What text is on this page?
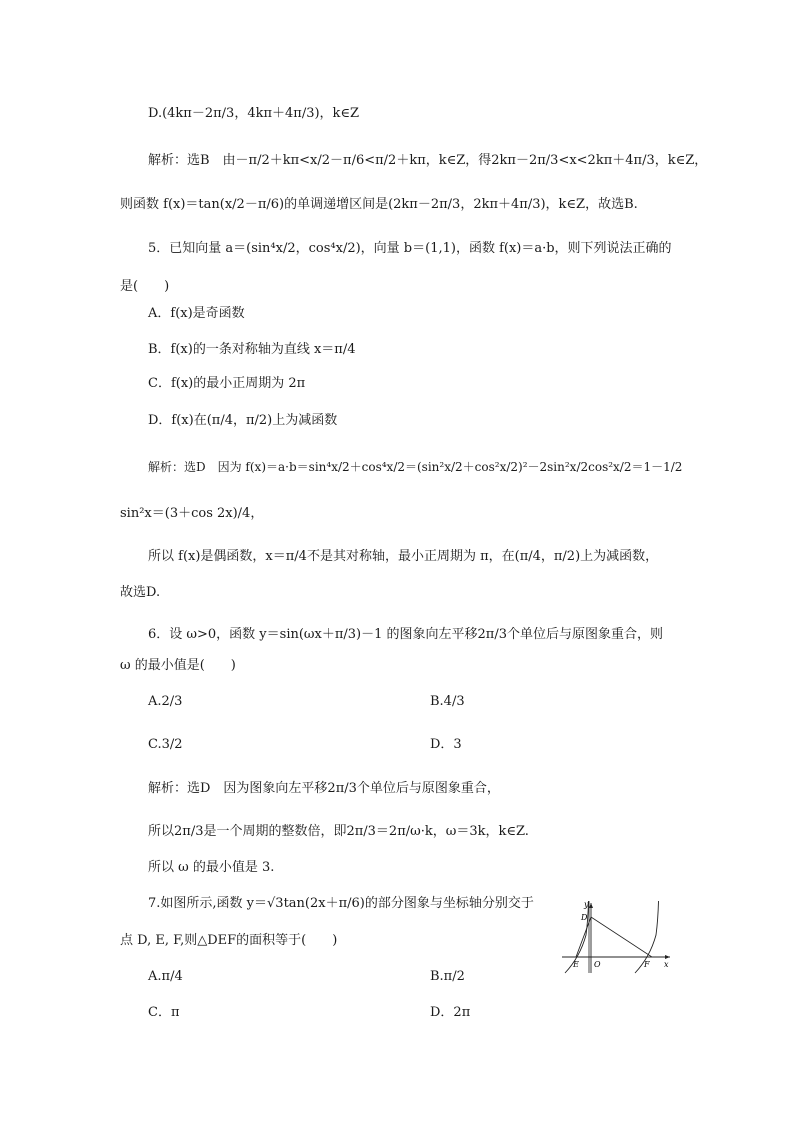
D.(4kπ－2π/3，4kπ＋4π/3)，k∈Z
解析：选B　由－π/2＋kπ<x/2－π/6<π/2＋kπ，k∈Z，得2kπ－2π/3<x<2kπ＋4π/3，k∈Z，
则函数 f(x)＝tan(x/2－π/6)的单调递增区间是(2kπ－2π/3，2kπ＋4π/3)，k∈Z，故选B.
5．已知向量 a＝(sin⁴x/2，cos⁴x/2)，向量 b＝(1,1)，函数 f(x)＝a·b，则下列说法正确的
是(　　)
A．f(x)是奇函数
B．f(x)的一条对称轴为直线 x＝π/4
C．f(x)的最小正周期为 2π
D．f(x)在(π/4，π/2)上为减函数
解析：选D　因为 f(x)＝a·b＝sin⁴x/2＋cos⁴x/2＝(sin²x/2＋cos²x/2)²－2sin²x/2cos²x/2＝1－1/2
sin²x＝(3＋cos 2x)/4，
所以 f(x)是偶函数，x＝π/4不是其对称轴，最小正周期为 π，在(π/4，π/2)上为减函数，
故选D.
6．设 ω>0，函数 y＝sin(ωx＋π/3)－1 的图象向左平移2π/3个单位后与原图象重合，则
ω 的最小值是(　　)
A.2/3	B.4/3
C.3/2	D．3
解析：选D　因为图象向左平移2π/3个单位后与原图象重合，
所以2π/3是一个周期的整数倍，即2π/3＝2π/ω·k，ω＝3k，k∈Z.
所以 ω 的最小值是 3.
7.如图所示,函数 y＝√3tan(2x＋π/6)的部分图象与坐标轴分别交于
点 D, E, F,则△DEF的面积等于(　　)
A.π/4	B.π/2
C．π	D．2π
y
x
D
E O	F
